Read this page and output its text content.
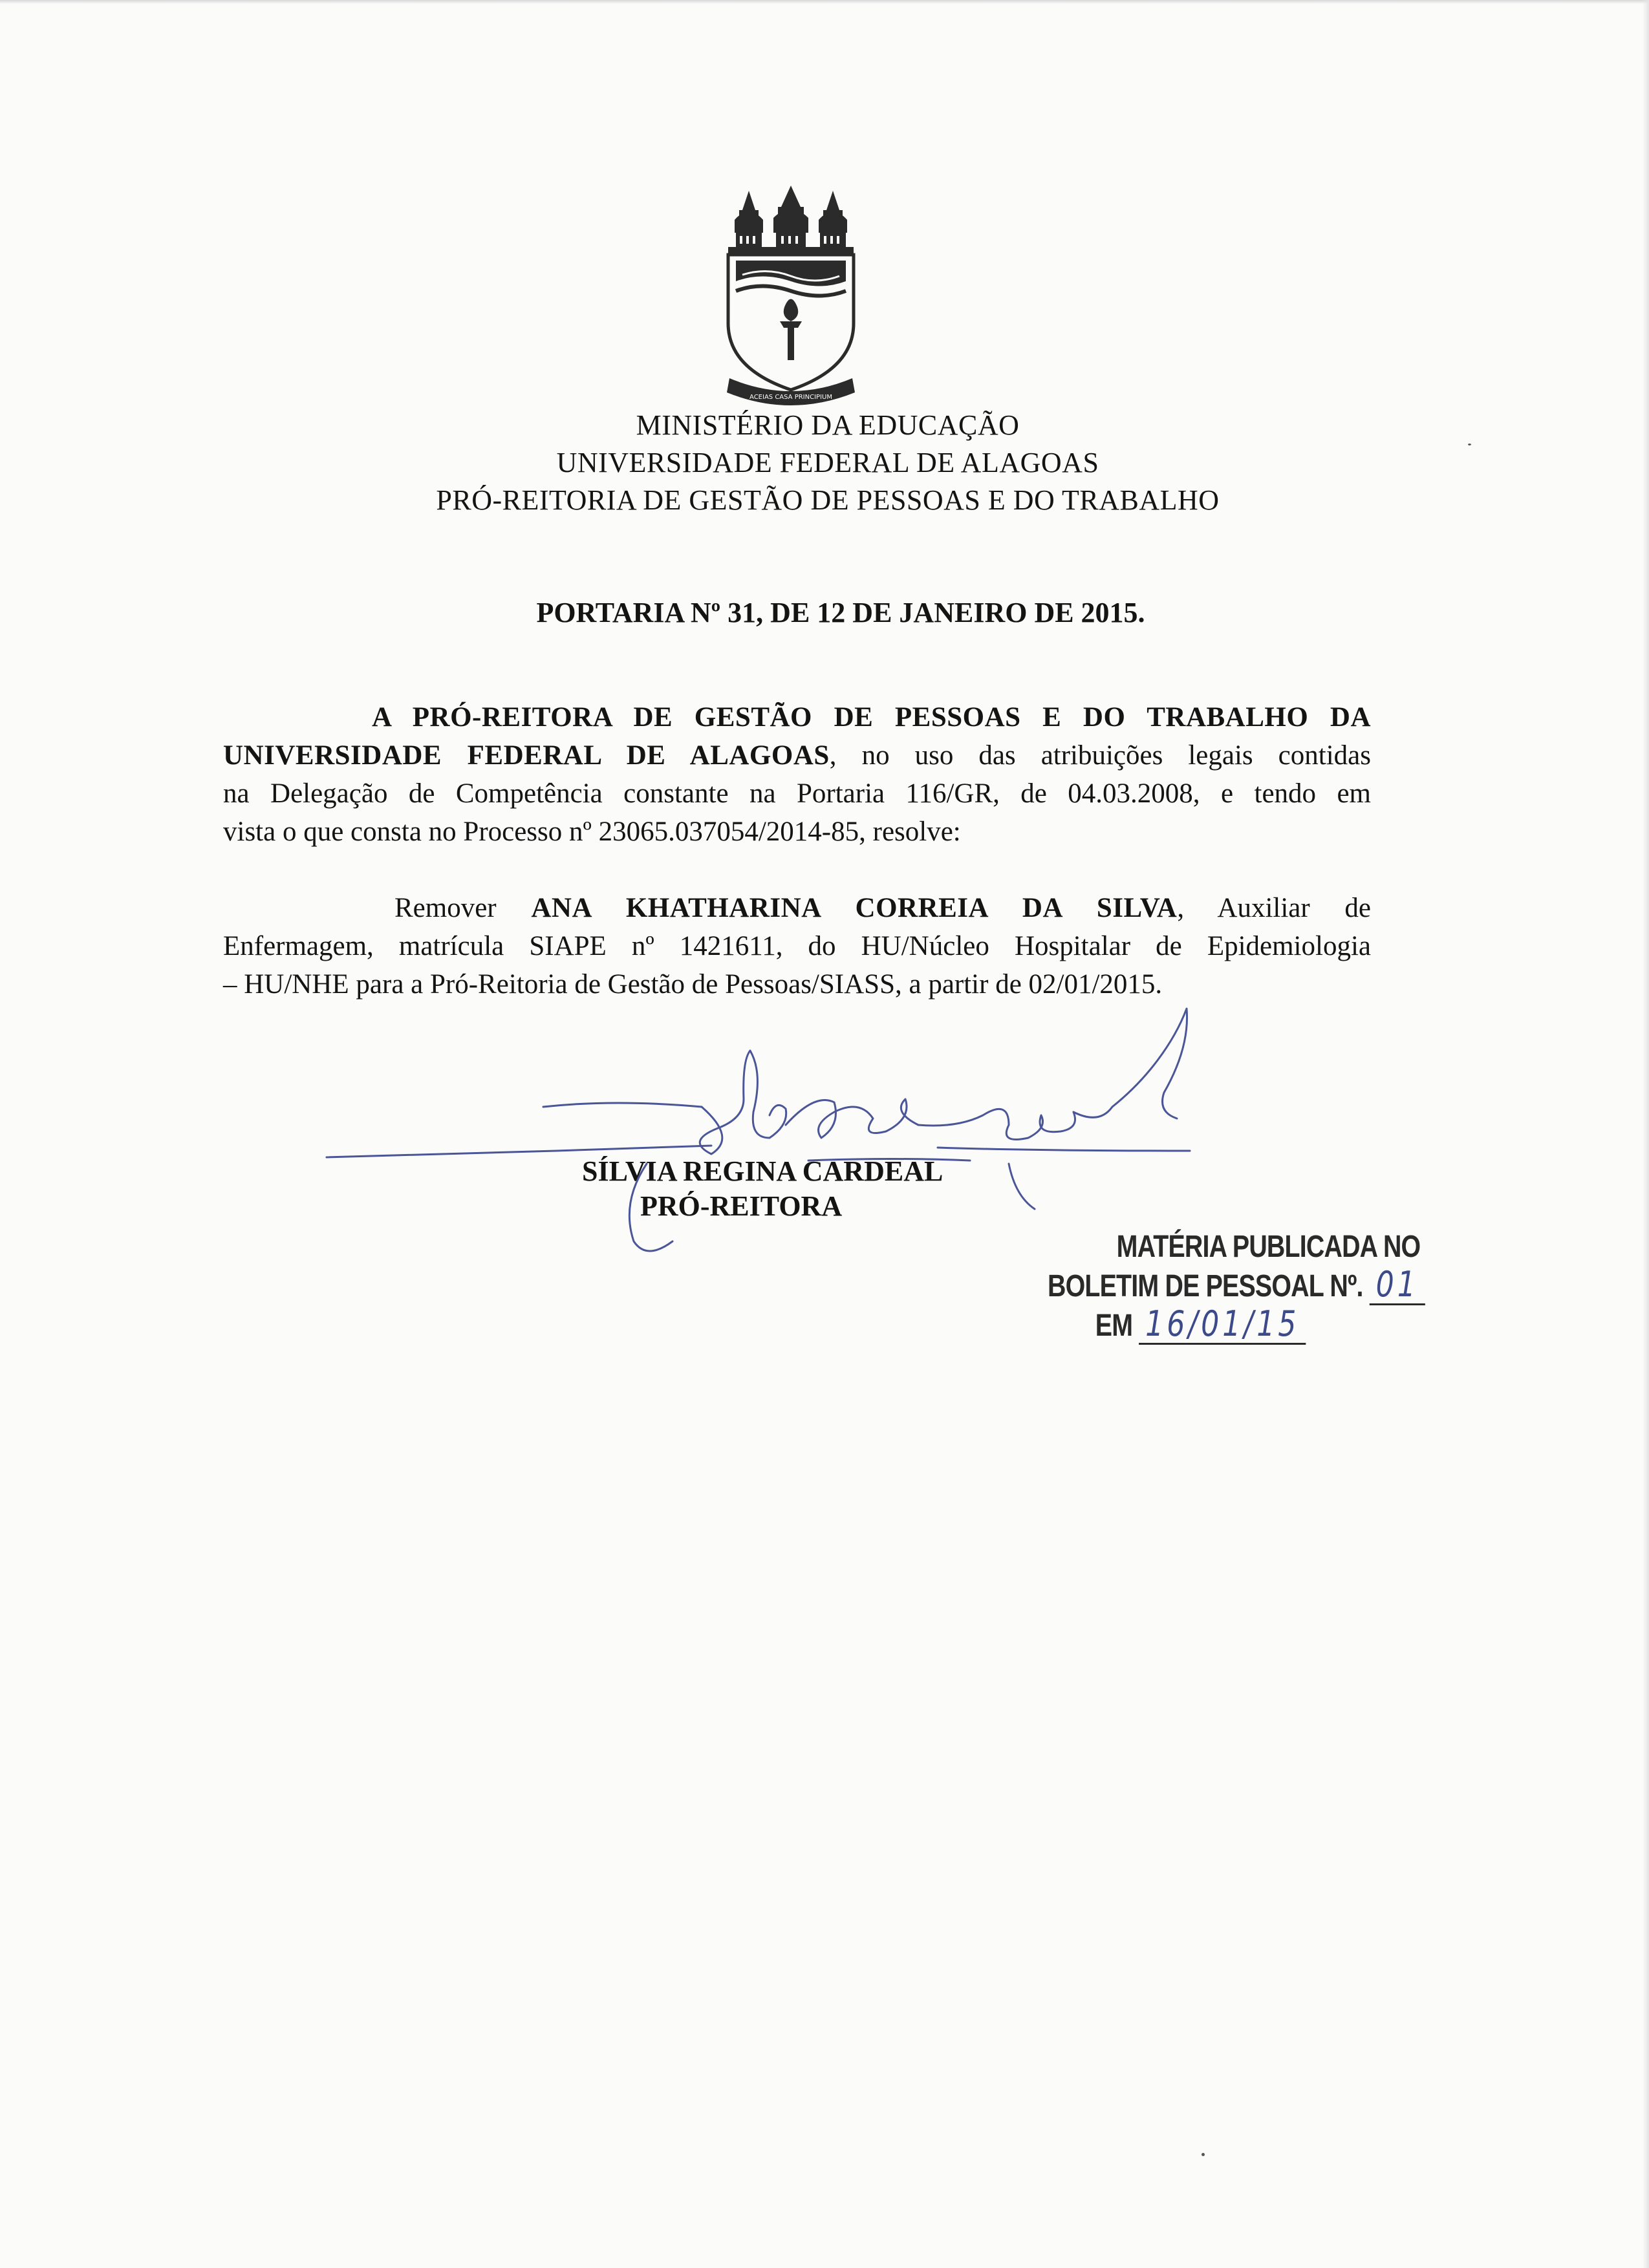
ACEIAS CASA PRINCIPIUM
MINISTÉRIO DA EDUCAÇÃO
UNIVERSIDADE FEDERAL DE ALAGOAS
PRÓ-REITORIA DE GESTÃO DE PESSOAS E DO TRABALHO
PORTARIA Nº 31, DE 12 DE JANEIRO DE 2015.
A PRÓ-REITORA DE GESTÃO DE PESSOAS E DO TRABALHO DA
UNIVERSIDADE FEDERAL DE ALAGOAS, no uso das atribuições legais contidas
na Delegação de Competência constante na Portaria 116/GR, de 04.03.2008, e tendo em
vista o que consta no Processo nº 23065.037054/2014-85, resolve:
Remover ANA KHATHARINA CORREIA DA SILVA, Auxiliar de
Enfermagem, matrícula SIAPE nº 1421611, do HU/Núcleo Hospitalar de Epidemiologia
– HU/NHE para a Pró-Reitoria de Gestão de Pessoas/SIASS, a partir de 02/01/2015.
SÍLVIA REGINA CARDEAL
PRÓ-REITORA
MATÉRIA PUBLICADA NO
BOLETIM DE PESSOAL Nº. 01
EM 16/01/15
